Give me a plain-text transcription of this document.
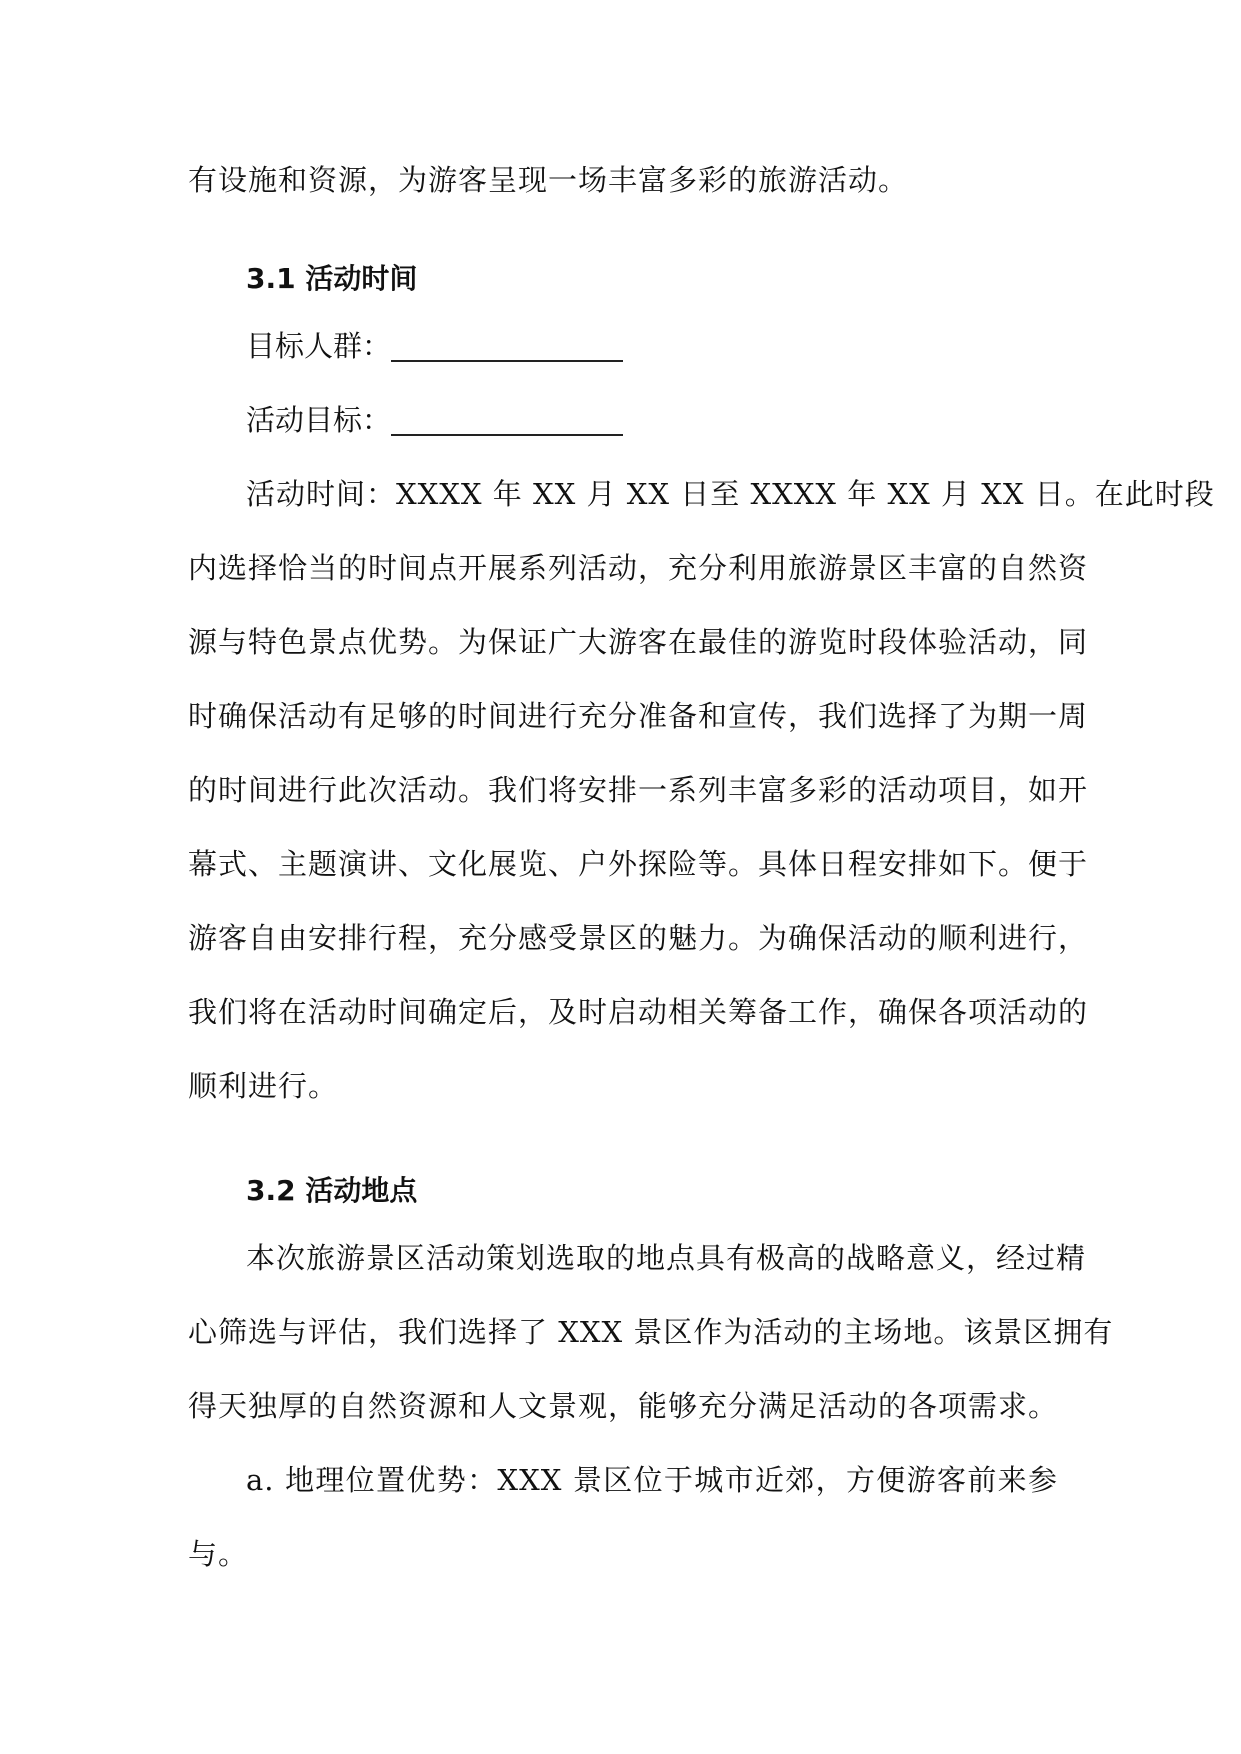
有设施和资源，为游客呈现一场丰富多彩的旅游活动。

3.1 活动时间

目标人群：

活动目标：

活动时间：XXXX 年 XX 月 XX 日至 XXXX 年 XX 月 XX 日。在此时段
内选择恰当的时间点开展系列活动，充分利用旅游景区丰富的自然资
源与特色景点优势。为保证广大游客在最佳的游览时段体验活动，同
时确保活动有足够的时间进行充分准备和宣传，我们选择了为期一周
的时间进行此次活动。我们将安排一系列丰富多彩的活动项目，如开
幕式、主题演讲、文化展览、户外探险等。具体日程安排如下。便于
游客自由安排行程，充分感受景区的魅力。为确保活动的顺利进行，
我们将在活动时间确定后，及时启动相关筹备工作，确保各项活动的
顺利进行。
3.2 活动地点
本次旅游景区活动策划选取的地点具有极高的战略意义，经过精
心筛选与评估，我们选择了 XXX 景区作为活动的主场地。该景区拥有
得天独厚的自然资源和人文景观，能够充分满足活动的各项需求。

a. 地理位置优势：XXX 景区位于城市近郊，方便游客前来参与。
